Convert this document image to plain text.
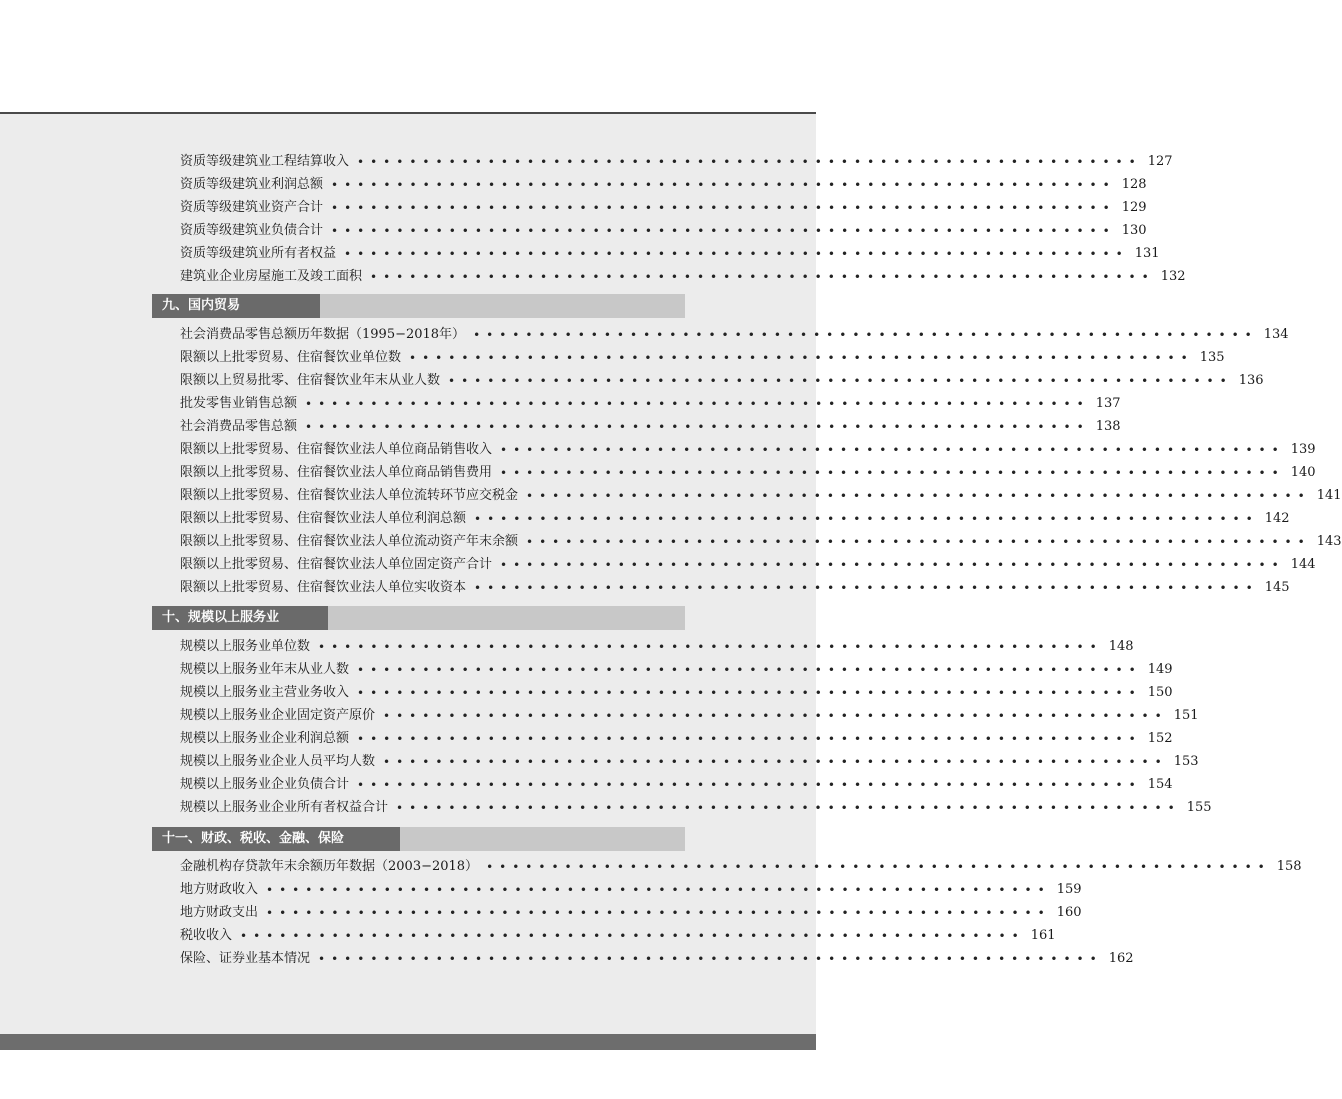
资质等级建筑业工程结算收入 •••••••••••••••••••••••••••••••••••••••••••••••••••••••••••• 127
资质等级建筑业利润总额 •••••••••••••••••••••••••••••••••••••••••••••••••••••••••••• 128
资质等级建筑业资产合计 •••••••••••••••••••••••••••••••••••••••••••••••••••••••••••• 129
资质等级建筑业负债合计 •••••••••••••••••••••••••••••••••••••••••••••••••••••••••••• 130
资质等级建筑业所有者权益 •••••••••••••••••••••••••••••••••••••••••••••••••••••••••••• 131
建筑业企业房屋施工及竣工面积 •••••••••••••••••••••••••••••••••••••••••••••••••••••••••••• 132
九、国内贸易
社会消费品零售总额历年数据（1995−2018年） •••••••••••••••••••••••••••••••••••••••••••••••••••••••••••• 134
限额以上批零贸易、住宿餐饮业单位数 •••••••••••••••••••••••••••••••••••••••••••••••••••••••••••• 135
限额以上贸易批零、住宿餐饮业年末从业人数 •••••••••••••••••••••••••••••••••••••••••••••••••••••••••••• 136
批发零售业销售总额 •••••••••••••••••••••••••••••••••••••••••••••••••••••••••••• 137
社会消费品零售总额 •••••••••••••••••••••••••••••••••••••••••••••••••••••••••••• 138
限额以上批零贸易、住宿餐饮业法人单位商品销售收入 •••••••••••••••••••••••••••••••••••••••••••••••••••••••••••• 139
限额以上批零贸易、住宿餐饮业法人单位商品销售费用 •••••••••••••••••••••••••••••••••••••••••••••••••••••••••••• 140
限额以上批零贸易、住宿餐饮业法人单位流转环节应交税金 •••••••••••••••••••••••••••••••••••••••••••••••••••••••••••• 141
限额以上批零贸易、住宿餐饮业法人单位利润总额 •••••••••••••••••••••••••••••••••••••••••••••••••••••••••••• 142
限额以上批零贸易、住宿餐饮业法人单位流动资产年末余额 •••••••••••••••••••••••••••••••••••••••••••••••••••••••••••• 143
限额以上批零贸易、住宿餐饮业法人单位固定资产合计 •••••••••••••••••••••••••••••••••••••••••••••••••••••••••••• 144
限额以上批零贸易、住宿餐饮业法人单位实收资本 •••••••••••••••••••••••••••••••••••••••••••••••••••••••••••• 145
十、规模以上服务业
规模以上服务业单位数 •••••••••••••••••••••••••••••••••••••••••••••••••••••••••••• 148
规模以上服务业年末从业人数 •••••••••••••••••••••••••••••••••••••••••••••••••••••••••••• 149
规模以上服务业主营业务收入 •••••••••••••••••••••••••••••••••••••••••••••••••••••••••••• 150
规模以上服务业企业固定资产原价 •••••••••••••••••••••••••••••••••••••••••••••••••••••••••••• 151
规模以上服务业企业利润总额 •••••••••••••••••••••••••••••••••••••••••••••••••••••••••••• 152
规模以上服务业企业人员平均人数 •••••••••••••••••••••••••••••••••••••••••••••••••••••••••••• 153
规模以上服务业企业负债合计 •••••••••••••••••••••••••••••••••••••••••••••••••••••••••••• 154
规模以上服务业企业所有者权益合计 •••••••••••••••••••••••••••••••••••••••••••••••••••••••••••• 155
十一、财政、税收、金融、保险
金融机构存贷款年末余额历年数据（2003−2018） •••••••••••••••••••••••••••••••••••••••••••••••••••••••••••• 158
地方财政收入 •••••••••••••••••••••••••••••••••••••••••••••••••••••••••••• 159
地方财政支出 •••••••••••••••••••••••••••••••••••••••••••••••••••••••••••• 160
税收收入 •••••••••••••••••••••••••••••••••••••••••••••••••••••••••••• 161
保险、证券业基本情况 •••••••••••••••••••••••••••••••••••••••••••••••••••••••••••• 162
